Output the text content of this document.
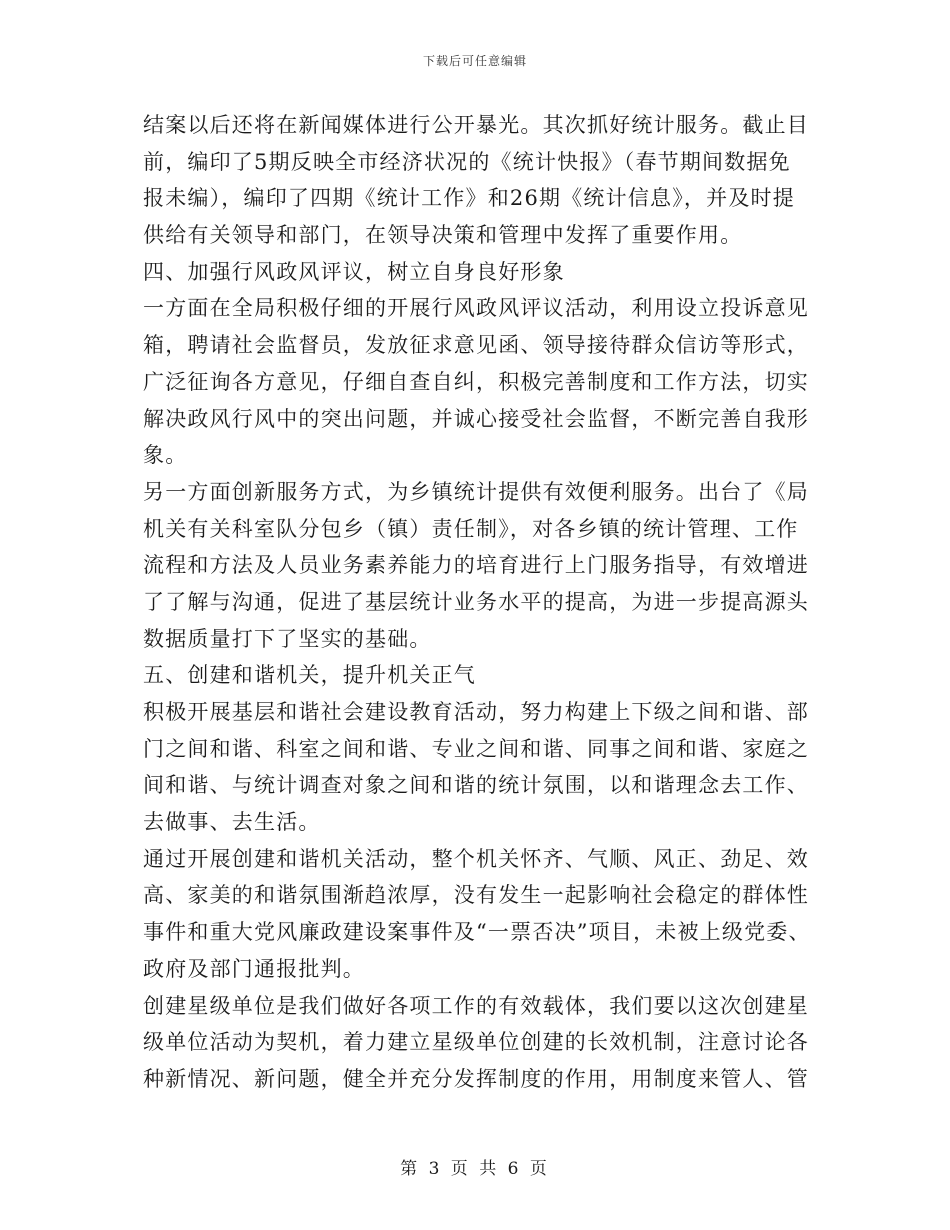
下载后可任意编辑
结案以后还将在新闻媒体进行公开暴光。其次抓好统计服务。截止目
前，编印了5期反映全市经济状况的《统计快报》（春节期间数据免
报未编），编印了四期《统计工作》和26期《统计信息》，并及时提
供给有关领导和部门，在领导决策和管理中发挥了重要作用。
四、加强行风政风评议，树立自身良好形象
一方面在全局积极仔细的开展行风政风评议活动，利用设立投诉意见
箱，聘请社会监督员，发放征求意见函、领导接待群众信访等形式，
广泛征询各方意见，仔细自查自纠，积极完善制度和工作方法，切实
解决政风行风中的突出问题，并诚心接受社会监督，不断完善自我形
象。
另一方面创新服务方式，为乡镇统计提供有效便利服务。出台了《局
机关有关科室队分包乡（镇）责任制》，对各乡镇的统计管理、工作
流程和方法及人员业务素养能力的培育进行上门服务指导，有效增进
了了解与沟通，促进了基层统计业务水平的提高，为进一步提高源头
数据质量打下了坚实的基础。
五、创建和谐机关，提升机关正气
积极开展基层和谐社会建设教育活动，努力构建上下级之间和谐、部
门之间和谐、科室之间和谐、专业之间和谐、同事之间和谐、家庭之
间和谐、与统计调查对象之间和谐的统计氛围，以和谐理念去工作、
去做事、去生活。
通过开展创建和谐机关活动，整个机关怀齐、气顺、风正、劲足、效
高、家美的和谐氛围渐趋浓厚，没有发生一起影响社会稳定的群体性
事件和重大党风廉政建设案事件及“一票否决”项目，未被上级党委、
政府及部门通报批判。
创建星级单位是我们做好各项工作的有效载体，我们要以这次创建星
级单位活动为契机，着力建立星级单位创建的长效机制，注意讨论各
种新情况、新问题，健全并充分发挥制度的作用，用制度来管人、管
第 3 页 共 6 页
